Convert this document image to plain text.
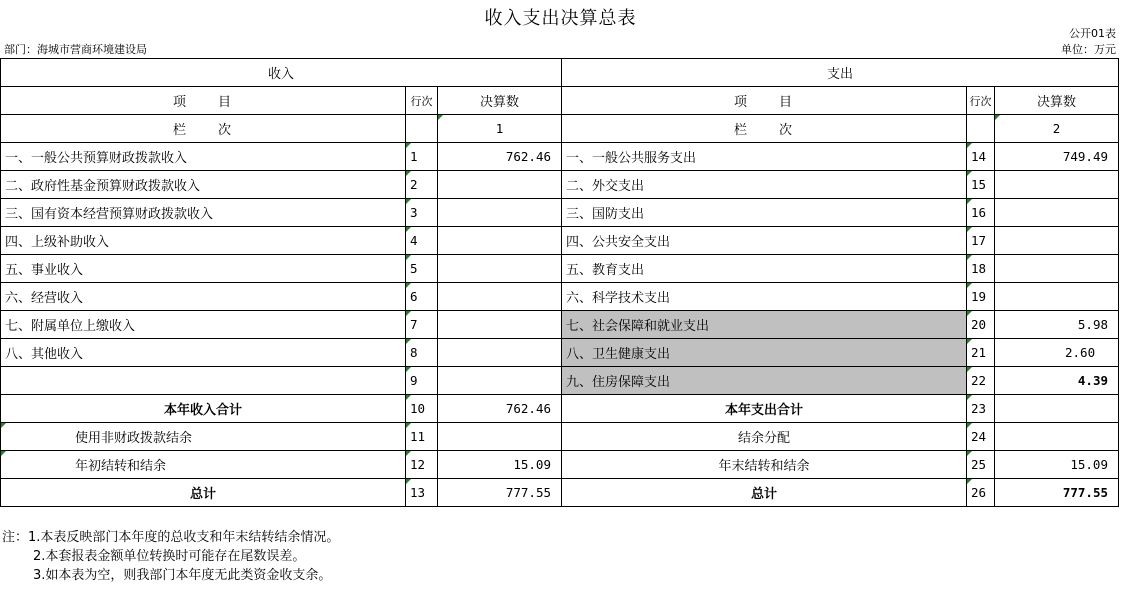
收入支出决算总表
公开01表
部门：海城市营商环境建设局	单位：万元
收入			支出		
项　　目	行次	决算数	项　　目	行次	决算数
栏　　次		1	栏　　次		2
一、一般公共预算财政拨款收入	1	762.46	一、一般公共服务支出	14	749.49
二、政府性基金预算财政拨款收入	2		二、外交支出	15	
三、国有资本经营预算财政拨款收入	3		三、国防支出	16	
四、上级补助收入	4		四、公共安全支出	17	
五、事业收入	5		五、教育支出	18	
六、经营收入	6		六、科学技术支出	19	
七、附属单位上缴收入	7		七、社会保障和就业支出	20	5.98
八、其他收入	8		八、卫生健康支出	21	2.60
	9		九、住房保障支出	22	4.39
本年收入合计	10	762.46	本年支出合计	23	
使用非财政拨款结余	11		结余分配	24	
年初结转和结余	12	15.09	年末结转和结余	25	15.09
总计	13	777.55	总计	26	777.55
注：1.本表反映部门本年度的总收支和年末结转结余情况。
2.本套报表金额单位转换时可能存在尾数误差。
3.如本表为空，则我部门本年度无此类资金收支余。
